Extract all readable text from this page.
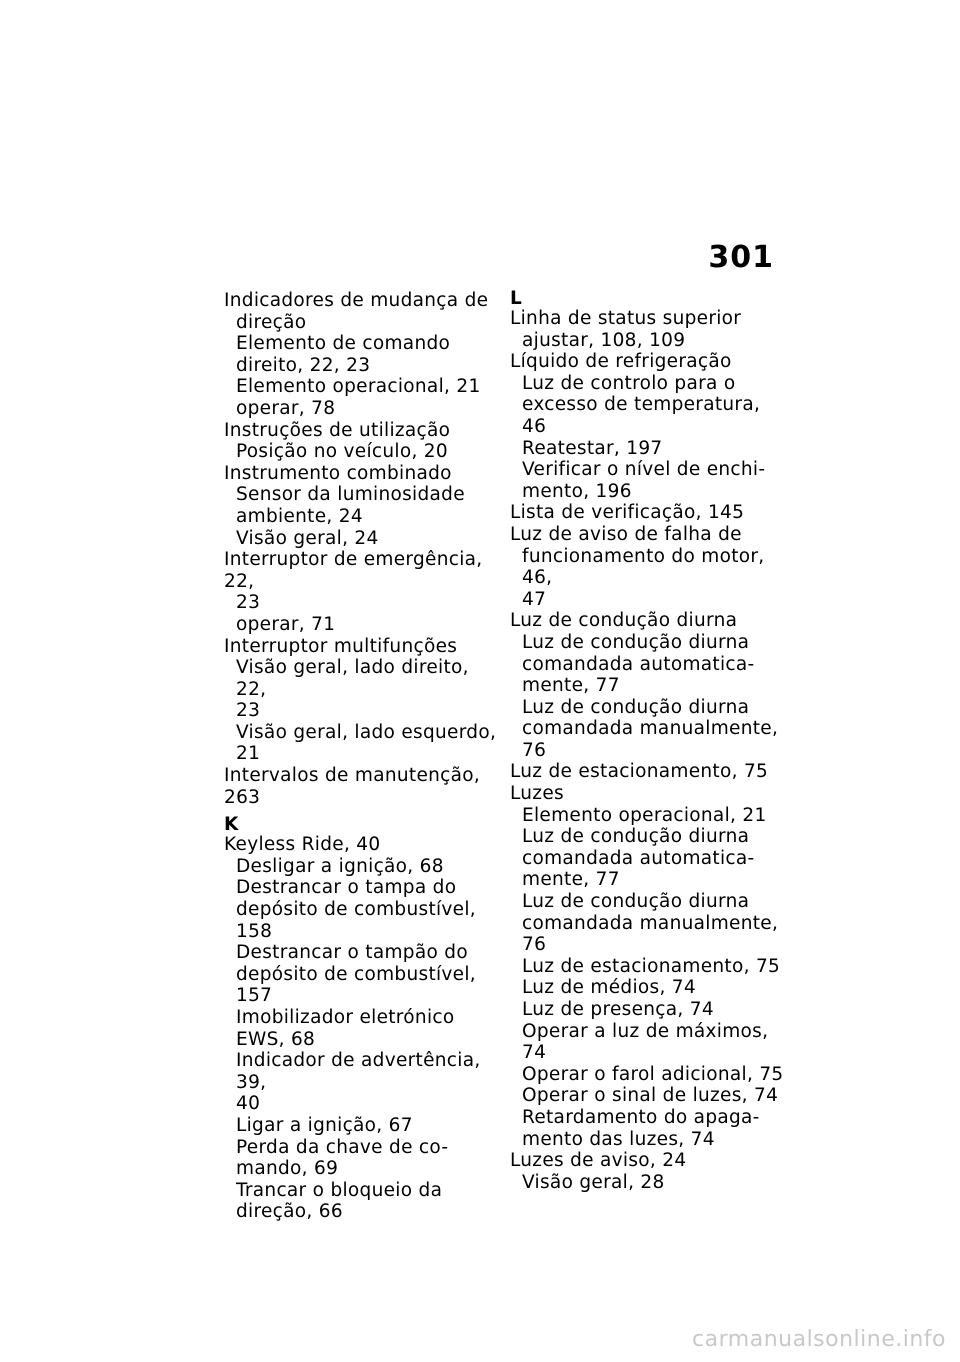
301
Indicadores de mudança de
direção
Elemento de comando
direito, 22, 23
Elemento operacional, 21
operar, 78
Instruções de utilização
Posição no veículo, 20
Instrumento combinado
Sensor da luminosidade
ambiente, 24
Visão geral, 24
Interruptor de emergência, 22,
23
operar, 71
Interruptor multifunções
Visão geral, lado direito, 22,
23
Visão geral, lado esquerdo, 21
Intervalos de manutenção, 263
K
Keyless Ride, 40
Desligar a ignição, 68
Destrancar o tampa do
depósito de combustível, 158
Destrancar o tampão do
depósito de combustível, 157
Imobilizador eletrónico
EWS, 68
Indicador de advertência, 39,
40
Ligar a ignição, 67
Perda da chave de co-
mando, 69
Trancar o bloqueio da
direção, 66
L
Linha de status superior
ajustar, 108, 109
Líquido de refrigeração
Luz de controlo para o
excesso de temperatura, 46
Reatestar, 197
Verificar o nível de enchi-
mento, 196
Lista de verificação, 145
Luz de aviso de falha de
funcionamento do motor, 46,
47
Luz de condução diurna
Luz de condução diurna
comandada automatica-
mente, 77
Luz de condução diurna
comandada manualmente, 76
Luz de estacionamento, 75
Luzes
Elemento operacional, 21
Luz de condução diurna
comandada automatica-
mente, 77
Luz de condução diurna
comandada manualmente, 76
Luz de estacionamento, 75
Luz de médios, 74
Luz de presença, 74
Operar a luz de máximos, 74
Operar o farol adicional, 75
Operar o sinal de luzes, 74
Retardamento do apaga-
mento das luzes, 74
Luzes de aviso, 24
Visão geral, 28
carmanualsonline.info
